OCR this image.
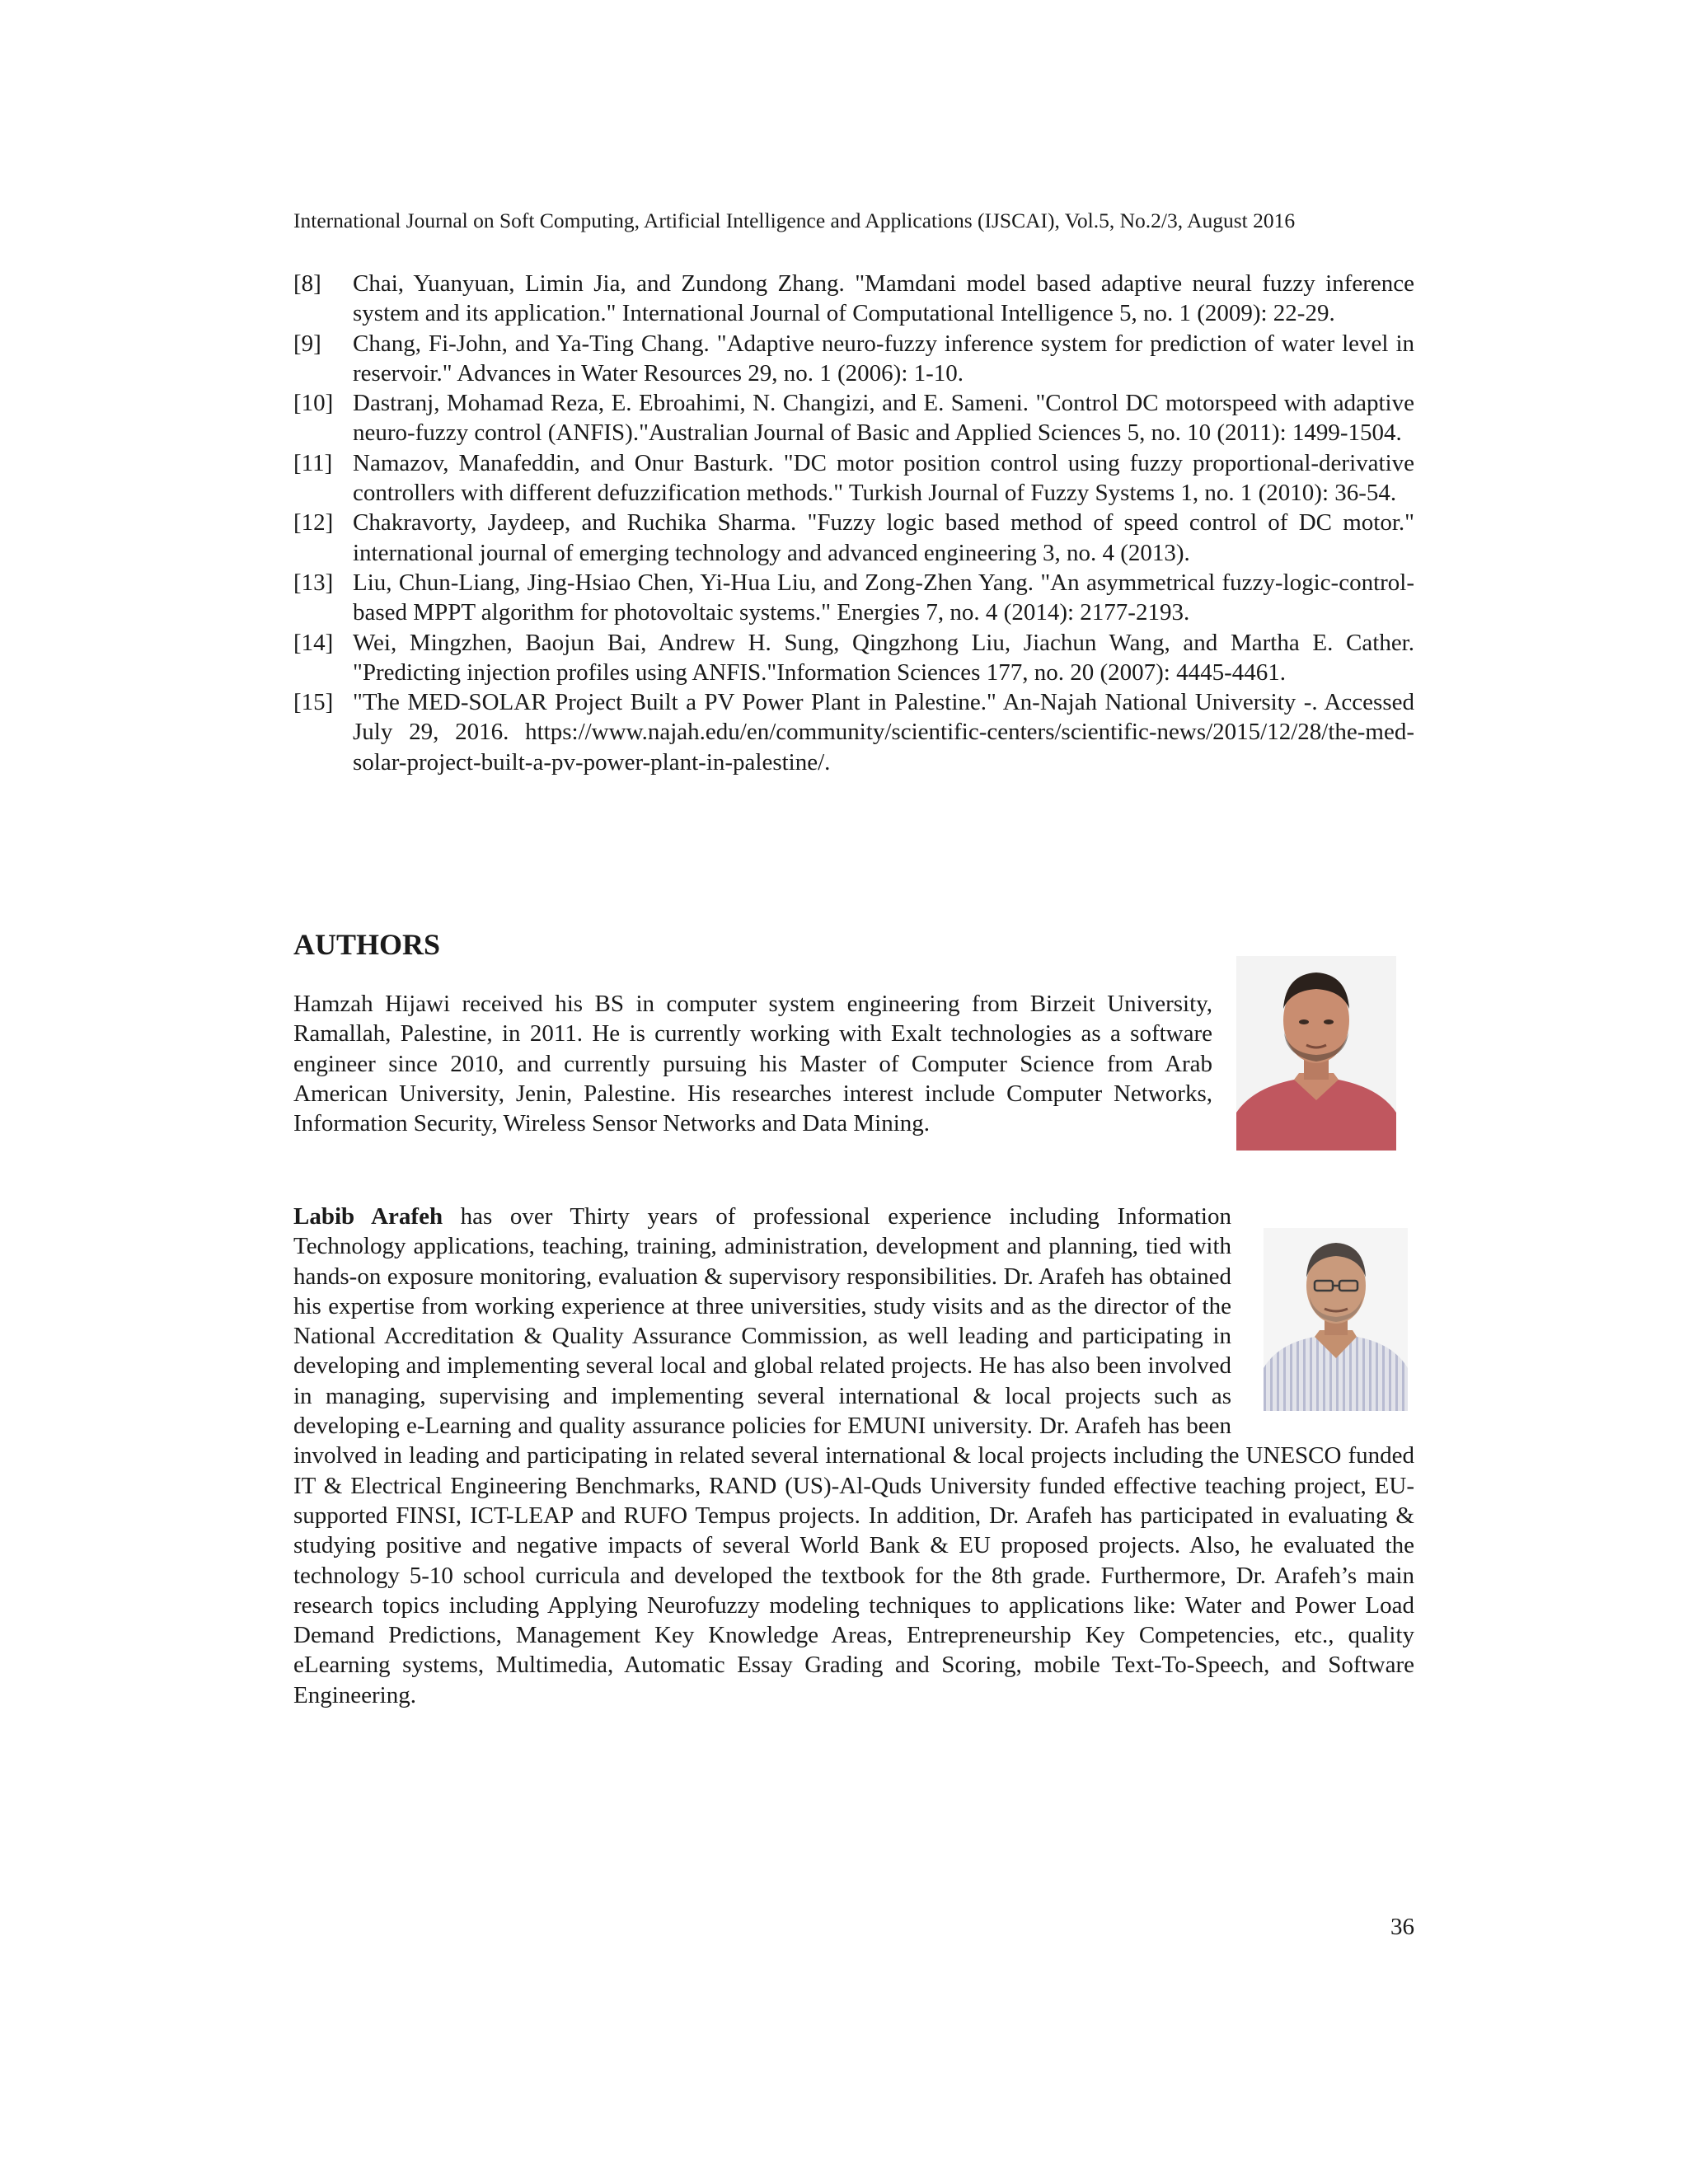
International Journal on Soft Computing, Artificial Intelligence and Applications (IJSCAI), Vol.5, No.2/3, August 2016
[8] Chai, Yuanyuan, Limin Jia, and Zundong Zhang. "Mamdani model based adaptive neural fuzzy inference system and its application." International Journal of Computational Intelligence 5, no. 1 (2009): 22-29.
[9] Chang, Fi-John, and Ya-Ting Chang. "Adaptive neuro-fuzzy inference system for prediction of water level in reservoir." Advances in Water Resources 29, no. 1 (2006): 1-10.
[10] Dastranj, Mohamad Reza, E. Ebroahimi, N. Changizi, and E. Sameni. "Control DC motorspeed with adaptive neuro-fuzzy control (ANFIS)."Australian Journal of Basic and Applied Sciences 5, no. 10 (2011): 1499-1504.
[11] Namazov, Manafeddin, and Onur Basturk. "DC motor position control using fuzzy proportional-derivative controllers with different defuzzification methods." Turkish Journal of Fuzzy Systems 1, no. 1 (2010): 36-54.
[12] Chakravorty, Jaydeep, and Ruchika Sharma. "Fuzzy logic based method of speed control of DC motor." international journal of emerging technology and advanced engineering 3, no. 4 (2013).
[13] Liu, Chun-Liang, Jing-Hsiao Chen, Yi-Hua Liu, and Zong-Zhen Yang. "An asymmetrical fuzzy-logic-control-based MPPT algorithm for photovoltaic systems." Energies 7, no. 4 (2014): 2177-2193.
[14] Wei, Mingzhen, Baojun Bai, Andrew H. Sung, Qingzhong Liu, Jiachun Wang, and Martha E. Cather. "Predicting injection profiles using ANFIS."Information Sciences 177, no. 20 (2007): 4445-4461.
[15] "The MED-SOLAR Project Built a PV Power Plant in Palestine." An-Najah National University -. Accessed July 29, 2016. https://www.najah.edu/en/community/scientific-centers/scientific-news/2015/12/28/the-med-solar-project-built-a-pv-power-plant-in-palestine/.
AUTHORS

Hamzah Hijawi received his BS in computer system engineering from Birzeit University, Ramallah, Palestine, in 2011. He is currently working with Exalt technologies as a software engineer since 2010, and currently pursuing his Master of Computer Science from Arab American University, Jenin, Palestine. His researches interest include Computer Networks, Information Security, Wireless Sensor Networks and Data Mining.

Labib Arafeh has over Thirty years of professional experience including Information Technology applications, teaching, training, administration, development and planning, tied with hands-on exposure monitoring, evaluation & supervisory responsibilities. Dr. Arafeh has obtained his expertise from working experience at three universities, study visits and as the director of the National Accreditation & Quality Assurance Commission, as well leading and participating in developing and implementing several local and global related projects. He has also been involved in managing, supervising and implementing several international & local projects such as developing e-Learning and quality assurance policies for EMUNI university. Dr. Arafeh has been involved in leading and participating in related several international & local projects including the UNESCO funded IT & Electrical Engineering Benchmarks, RAND (US)-Al-Quds University funded effective teaching project, EU-supported FINSI, ICT-LEAP and RUFO Tempus projects. In addition, Dr. Arafeh has participated in evaluating & studying positive and negative impacts of several World Bank & EU proposed projects. Also, he evaluated the technology 5-10 school curricula and developed the textbook for the 8th grade. Furthermore, Dr. Arafeh’s main research topics including Applying Neurofuzzy modeling techniques to applications like: Water and Power Load Demand Predictions, Management Key Knowledge Areas, Entrepreneurship Key Competencies, etc., quality eLearning systems, Multimedia, Automatic Essay Grading and Scoring, mobile Text-To-Speech, and Software Engineering.

36
